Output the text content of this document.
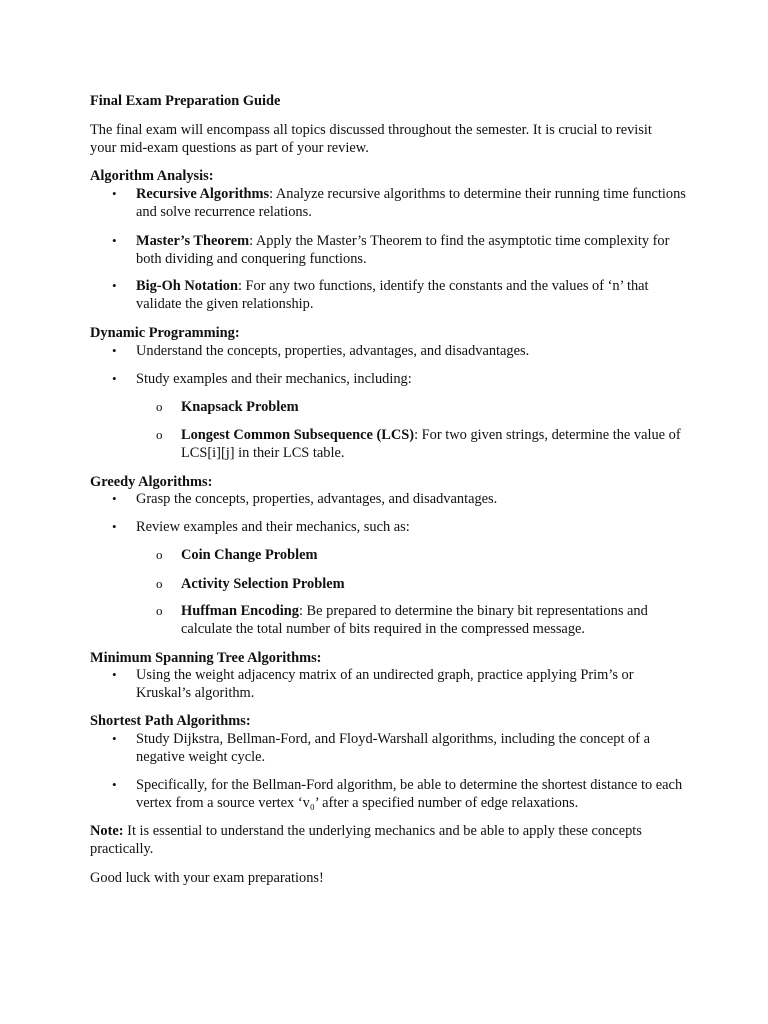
Final Exam Preparation Guide

The final exam will encompass all topics discussed throughout the semester. It is crucial to revisit your mid-exam questions as part of your review.

Algorithm Analysis:

• Recursive Algorithms: Analyze recursive algorithms to determine their running time functions and solve recurrence relations.

• Master’s Theorem: Apply the Master’s Theorem to find the asymptotic time complexity for both dividing and conquering functions.

• Big-Oh Notation: For any two functions, identify the constants and the values of ‘n’ that validate the given relationship.

Dynamic Programming:

• Understand the concepts, properties, advantages, and disadvantages.

• Study examples and their mechanics, including:

o Knapsack Problem

o Longest Common Subsequence (LCS): For two given strings, determine the value of LCS[i][j] in their LCS table.

Greedy Algorithms:

• Grasp the concepts, properties, advantages, and disadvantages.

• Review examples and their mechanics, such as:

o Coin Change Problem

o Activity Selection Problem

o Huffman Encoding: Be prepared to determine the binary bit representations and calculate the total number of bits required in the compressed message.

Minimum Spanning Tree Algorithms:

• Using the weight adjacency matrix of an undirected graph, practice applying Prim’s or Kruskal’s algorithm.

Shortest Path Algorithms:

• Study Dijkstra, Bellman-Ford, and Floyd-Warshall algorithms, including the concept of a negative weight cycle.

• Specifically, for the Bellman-Ford algorithm, be able to determine the shortest distance to each vertex from a source vertex ‘v₀’ after a specified number of edge relaxations.

Note: It is essential to understand the underlying mechanics and be able to apply these concepts practically.

Good luck with your exam preparations!
